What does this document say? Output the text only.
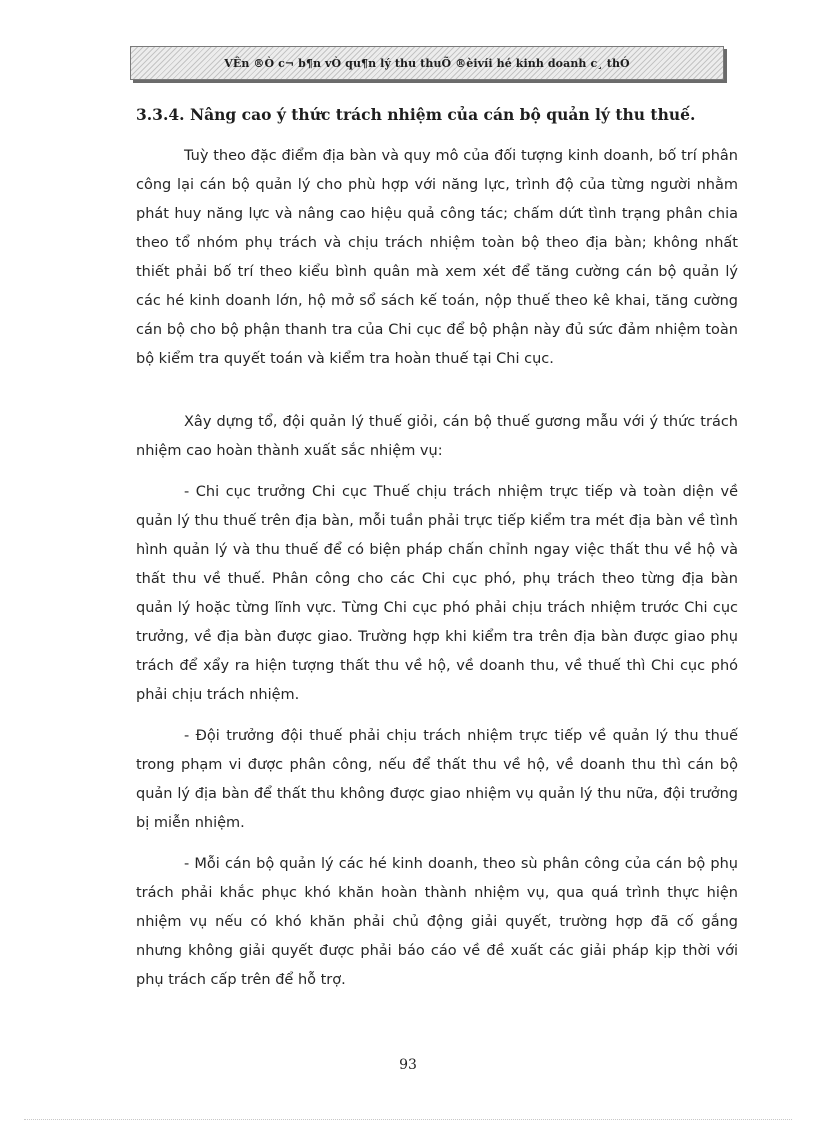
VÊn ®Ò c¬ b¶n vÒ qu¶n lý thu thuÕ ®èivíi hé kinh doanh c¸ thÓ
3.3.4. Nâng cao ý thức trách nhiệm của cán bộ quản lý thu thuế.

Tuỳ theo đặc điểm địa bàn và quy mô của đối tượng kinh doanh, bố trí phân công lại cán bộ quản lý cho phù hợp với năng lực, trình độ của từng người nhằm phát huy năng lực và nâng cao hiệu quả công tác; chấm dứt tình trạng phân chia theo tổ nhóm phụ trách và chịu trách nhiệm toàn bộ theo địa bàn; không nhất thiết phải bố trí theo kiểu bình quân mà xem xét để tăng cường cán bộ quản lý các hé kinh doanh lớn, hộ mở sổ sách kế toán, nộp thuế theo kê khai, tăng cường cán bộ cho bộ phận thanh tra của Chi cục để bộ phận này đủ sức đảm nhiệm toàn bộ kiểm tra quyết toán và kiểm tra hoàn thuế tại Chi cục.

Xây dựng tổ, đội quản lý thuế giỏi, cán bộ thuế gương mẫu với ý thức trách nhiệm cao hoàn thành xuất sắc nhiệm vụ:

- Chi cục trưởng Chi cục Thuế chịu trách nhiệm trực tiếp và toàn diện về quản lý thu thuế trên địa bàn, mỗi tuần phải trực tiếp kiểm tra mét địa bàn về tình hình quản lý và thu thuế để có biện pháp chấn chỉnh ngay việc thất thu về hộ và thất thu về thuế. Phân công cho các Chi cục phó, phụ trách theo từng địa bàn quản lý hoặc từng lĩnh vực. Từng Chi cục phó phải chịu trách nhiệm trước Chi cục trưởng, về địa bàn được giao. Trường hợp khi kiểm tra trên địa bàn được giao phụ trách để xẩy ra hiện tượng thất thu về hộ, về doanh thu, về thuế thì Chi cục phó phải chịu trách nhiệm.

- Đội trưởng đội thuế phải chịu trách nhiệm trực tiếp về quản lý thu thuế trong phạm vi được phân công, nếu để thất thu về hộ, về doanh thu thì cán bộ quản lý địa bàn để thất thu không được giao nhiệm vụ quản lý thu nữa, đội trưởng bị miễn nhiệm.

- Mỗi cán bộ quản lý các hé kinh doanh, theo sù phân công của cán bộ phụ trách phải khắc phục khó khăn hoàn thành nhiệm vụ, qua quá trình thực hiện nhiệm vụ nếu có khó khăn phải chủ động giải quyết, trường hợp đã cố gắng nhưng không giải quyết được phải báo cáo về đề xuất các giải pháp kịp thời với phụ trách cấp trên để hỗ trợ.

93
